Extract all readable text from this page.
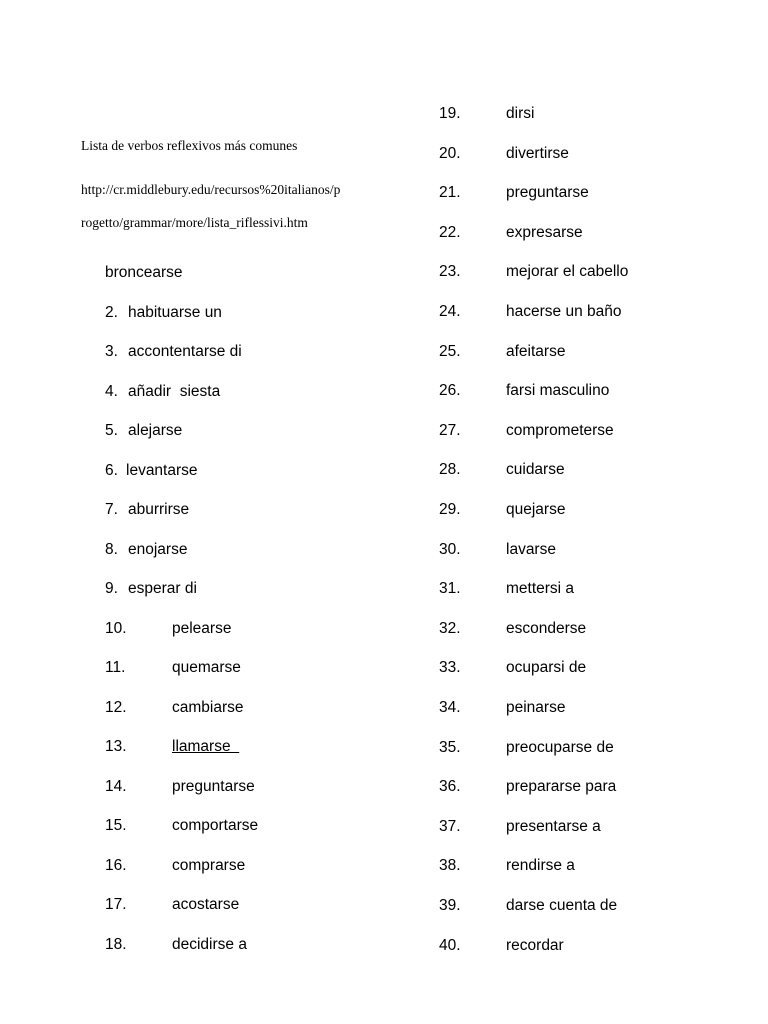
Lista de verbos reflexivos más comunes
http://cr.middlebury.edu/recursos%20italianos/p
rogetto/grammar/more/lista_riflessivi.htm
broncearse
2. habituarse un
3. accontentarse di
4. añadir  siesta
5. alejarse
6. levantarse
7. aburrirse
8. enojarse
9. esperar di
10.	pelearse
11.	quemarse
12.	cambiarse
13.	llamarse
14.	preguntarse
15.	comportarse
16.	comprarse
17.	acostarse
18.	decidirse a
19.	dirsi
20.	divertirse
21.	preguntarse
22.	expresarse
23.	mejorar el cabello
24.	hacerse un baño
25.	afeitarse
26.	farsi masculino
27.	comprometerse
28.	cuidarse
29.	quejarse
30.	lavarse
31.	mettersi a
32.	esconderse
33.	ocuparsi de
34.	peinarse
35.	preocuparse de
36.	prepararse para
37.	presentarse a
38.	rendirse a
39.	darse cuenta de
40.	recordar
